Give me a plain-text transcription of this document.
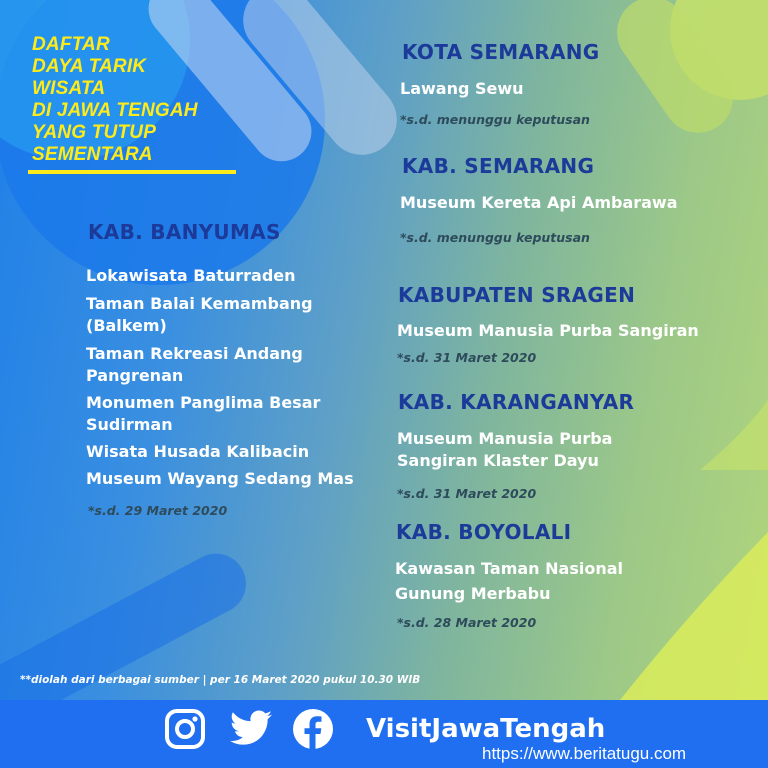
DAFTAR
DAYA TARIK
WISATA
DI JAWA TENGAH
YANG TUTUP
SEMENTARA
KAB. BANYUMAS
Lokawisata Baturraden
Taman Balai Kemambang
(Balkem)
Taman Rekreasi Andang
Pangrenan
Monumen Panglima Besar
Sudirman
Wisata Husada Kalibacin
Museum Wayang Sedang Mas
*s.d. 29 Maret 2020
KOTA SEMARANG
Lawang Sewu
*s.d. menunggu keputusan
KAB. SEMARANG
Museum Kereta Api Ambarawa
*s.d. menunggu keputusan
KABUPATEN SRAGEN
Museum Manusia Purba Sangiran
*s.d. 31 Maret 2020
KAB. KARANGANYAR
Museum Manusia Purba
Sangiran Klaster Dayu
*s.d. 31 Maret 2020
KAB. BOYOLALI
Kawasan Taman Nasional
Gunung Merbabu
*s.d. 28 Maret 2020
**diolah dari berbagai sumber | per 16 Maret 2020 pukul 10.30 WIB
VisitJawaTengah
https://www.beritatugu.com
